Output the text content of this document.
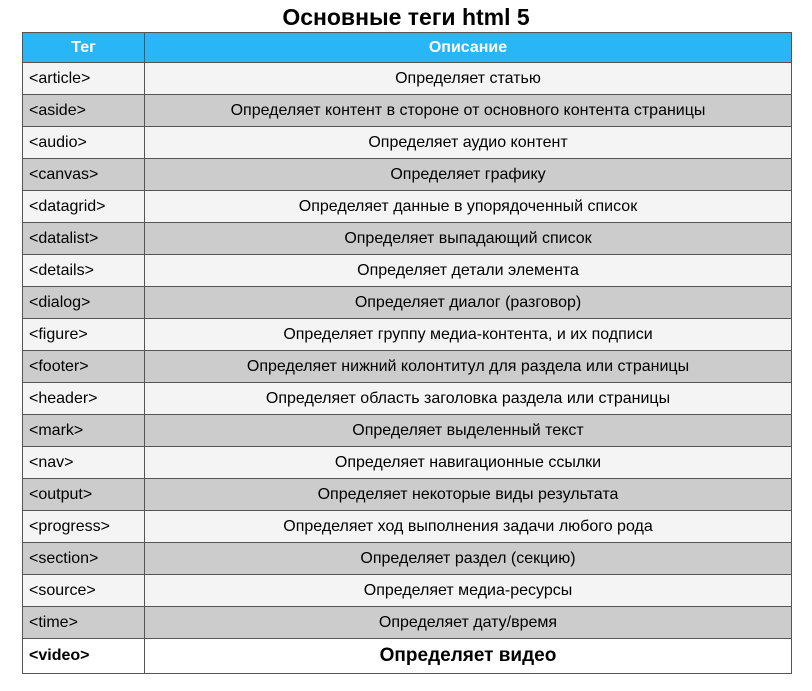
Основные теги html 5
Тег	Описание
<article>	Определяет статью
<aside>	Определяет контент в стороне от основного контента страницы
<audio>	Определяет аудио контент
<canvas>	Определяет графику
<datagrid>	Определяет данные в упорядоченный список
<datalist>	Определяет выпадающий список
<details>	Определяет детали элемента
<dialog>	Определяет диалог (разговор)
<figure>	Определяет группу медиа-контента, и их подписи
<footer>	Определяет нижний колонтитул для раздела или страницы
<header>	Определяет область заголовка раздела или страницы
<mark>	Определяет выделенный текст
<nav>	Определяет навигационные ссылки
<output>	Определяет некоторые виды результата
<progress>	Определяет ход выполнения задачи любого рода
<section>	Определяет раздел (секцию)
<source>	Определяет медиа-ресурсы
<time>	Определяет дату/время
<video>	Определяет видео
